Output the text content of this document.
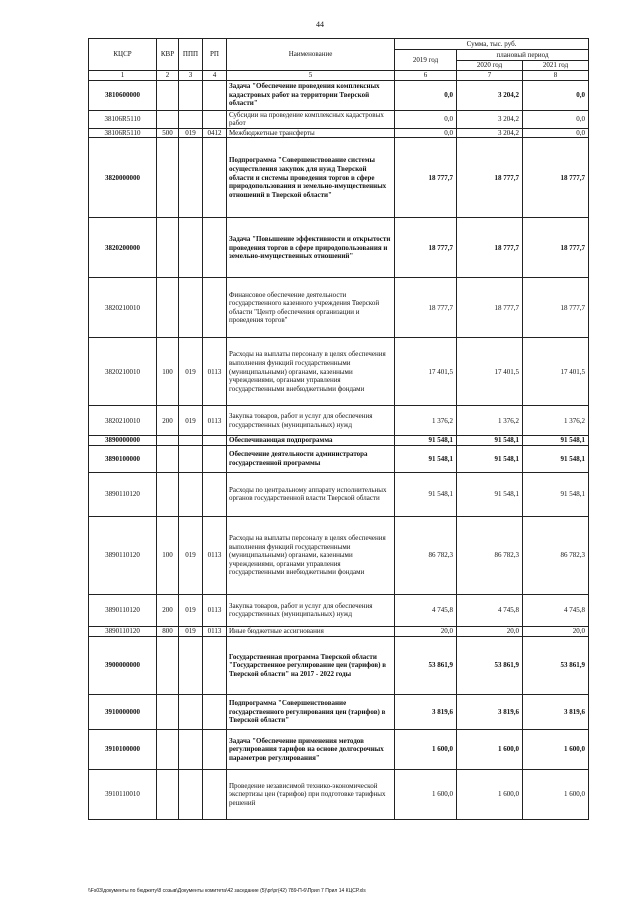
44
КЦСР	КВР	ППП	РП	Наименование	Сумма, тыс. руб.		
					2019 год	плановый период	
						2020 год	2021 год
1	2	3	4	5	6	7	8
3810600000				Задача "Обеспечение проведения комплексных кадастровых работ на территории Тверской области"	0,0	3 204,2	0,0
38106R5110				Субсидии на проведение комплексных кадастровых работ	0,0	3 204,2	0,0
38106R5110	500	019	0412	Межбюджетные трансферты	0,0	3 204,2	0,0
3820000000				Подпрограмма "Совершенствование системы осуществления закупок для нужд Тверской области и системы проведения торгов в сфере природопользования и земельно-имущественных отношений в Тверской области"	18 777,7	18 777,7	18 777,7
3820200000				Задача "Повышение эффективности и открытости проведения торгов в сфере природопользования и земельно-имущественных отношений"	18 777,7	18 777,7	18 777,7
3820210010				Финансовое обеспечение деятельности государственного казенного учреждения Тверской области "Центр обеспечения организации и проведения торгов"	18 777,7	18 777,7	18 777,7
3820210010	100	019	0113	Расходы на выплаты персоналу в целях обеспечения выполнения функций государственными (муниципальными) органами, казенными учреждениями, органами управления государственными внебюджетными фондами	17 401,5	17 401,5	17 401,5
3820210010	200	019	0113	Закупка товаров, работ и услуг для обеспечения государственных (муниципальных) нужд	1 376,2	1 376,2	1 376,2
3890000000				Обеспечивающая подпрограмма	91 548,1	91 548,1	91 548,1
3890100000				Обеспечение деятельности администратора государственной программы	91 548,1	91 548,1	91 548,1
3890110120				Расходы по центральному аппарату исполнительных органов государственной власти Тверской области	91 548,1	91 548,1	91 548,1
3890110120	100	019	0113	Расходы на выплаты персоналу в целях обеспечения выполнения функций государственными (муниципальными) органами, казенными учреждениями, органами управления государственными внебюджетными фондами	86 782,3	86 782,3	86 782,3
3890110120	200	019	0113	Закупка товаров, работ и услуг для обеспечения государственных (муниципальных) нужд	4 745,8	4 745,8	4 745,8
3890110120	800	019	0113	Иные бюджетные ассигнования	20,0	20,0	20,0
3900000000				Государственная программа Тверской области "Государственное регулирование цен (тарифов) в Тверской области" на 2017 - 2022 годы	53 861,9	53 861,9	53 861,9
3910000000				Подпрограмма "Совершенствование государственного регулирования цен (тарифов) в Тверской области"	3 819,6	3 819,6	3 819,6
3910100000				Задача "Обеспечение применения методов регулирования тарифов на основе долгосрочных параметров регулирования"	1 600,0	1 600,0	1 600,0
3910110010				Проведение независимой технико-экономической экспертизы цен (тарифов) при подготовке тарифных решений	1 600,0	1 600,0	1 600,0
\\Fs03\документы по бюджету\8 созыв\Документы комитета\42 заседание (5)\pr\pr(42) 789-П-6\Прил 7 Прил 14 КЦСР.xls
